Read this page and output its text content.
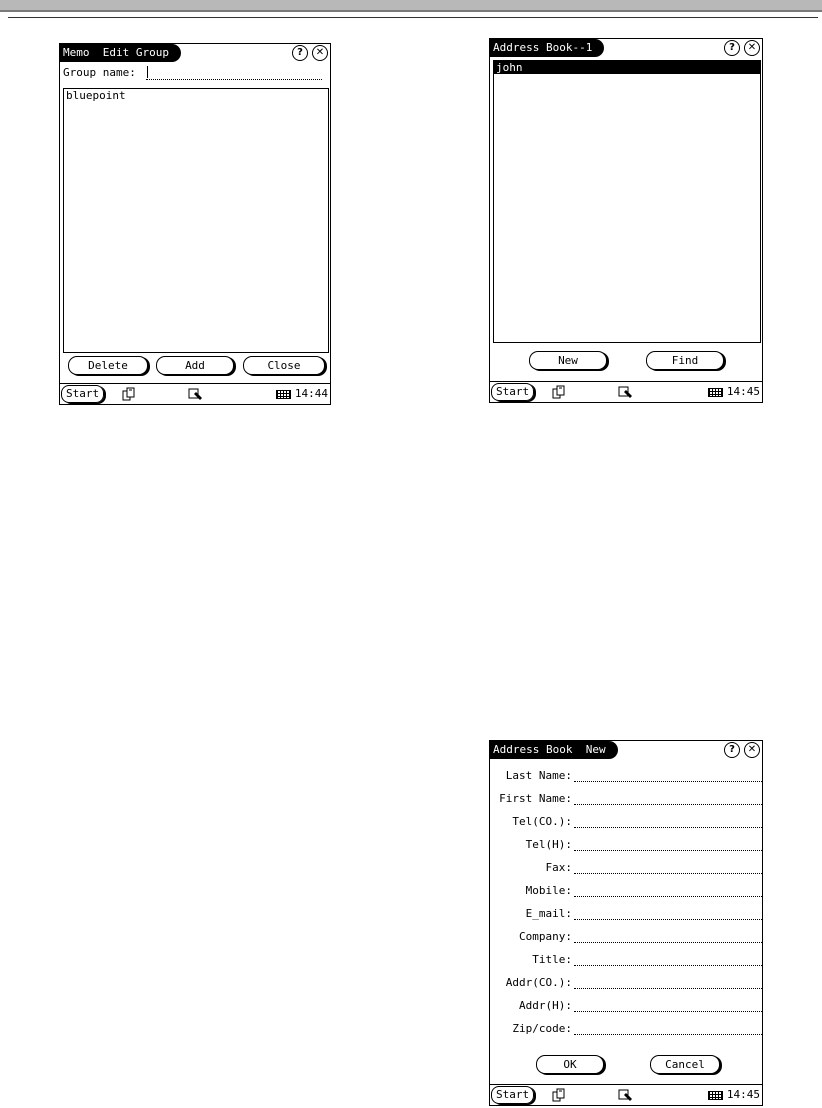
Memo  Edit Group	?	✕
Group name:
bluepoint
Delete	Add	Close
Start	14:44
Address Book--1	?	✕
john
New	Find
Start	14:45
Address Book  New	?	✕
Last Name:
First Name:
Tel(CO.):
Tel(H):
Fax:
Mobile:
E_mail:
Company:
Title:
Addr(CO.):
Addr(H):
Zip/code:
OK	Cancel
Start	14:45
